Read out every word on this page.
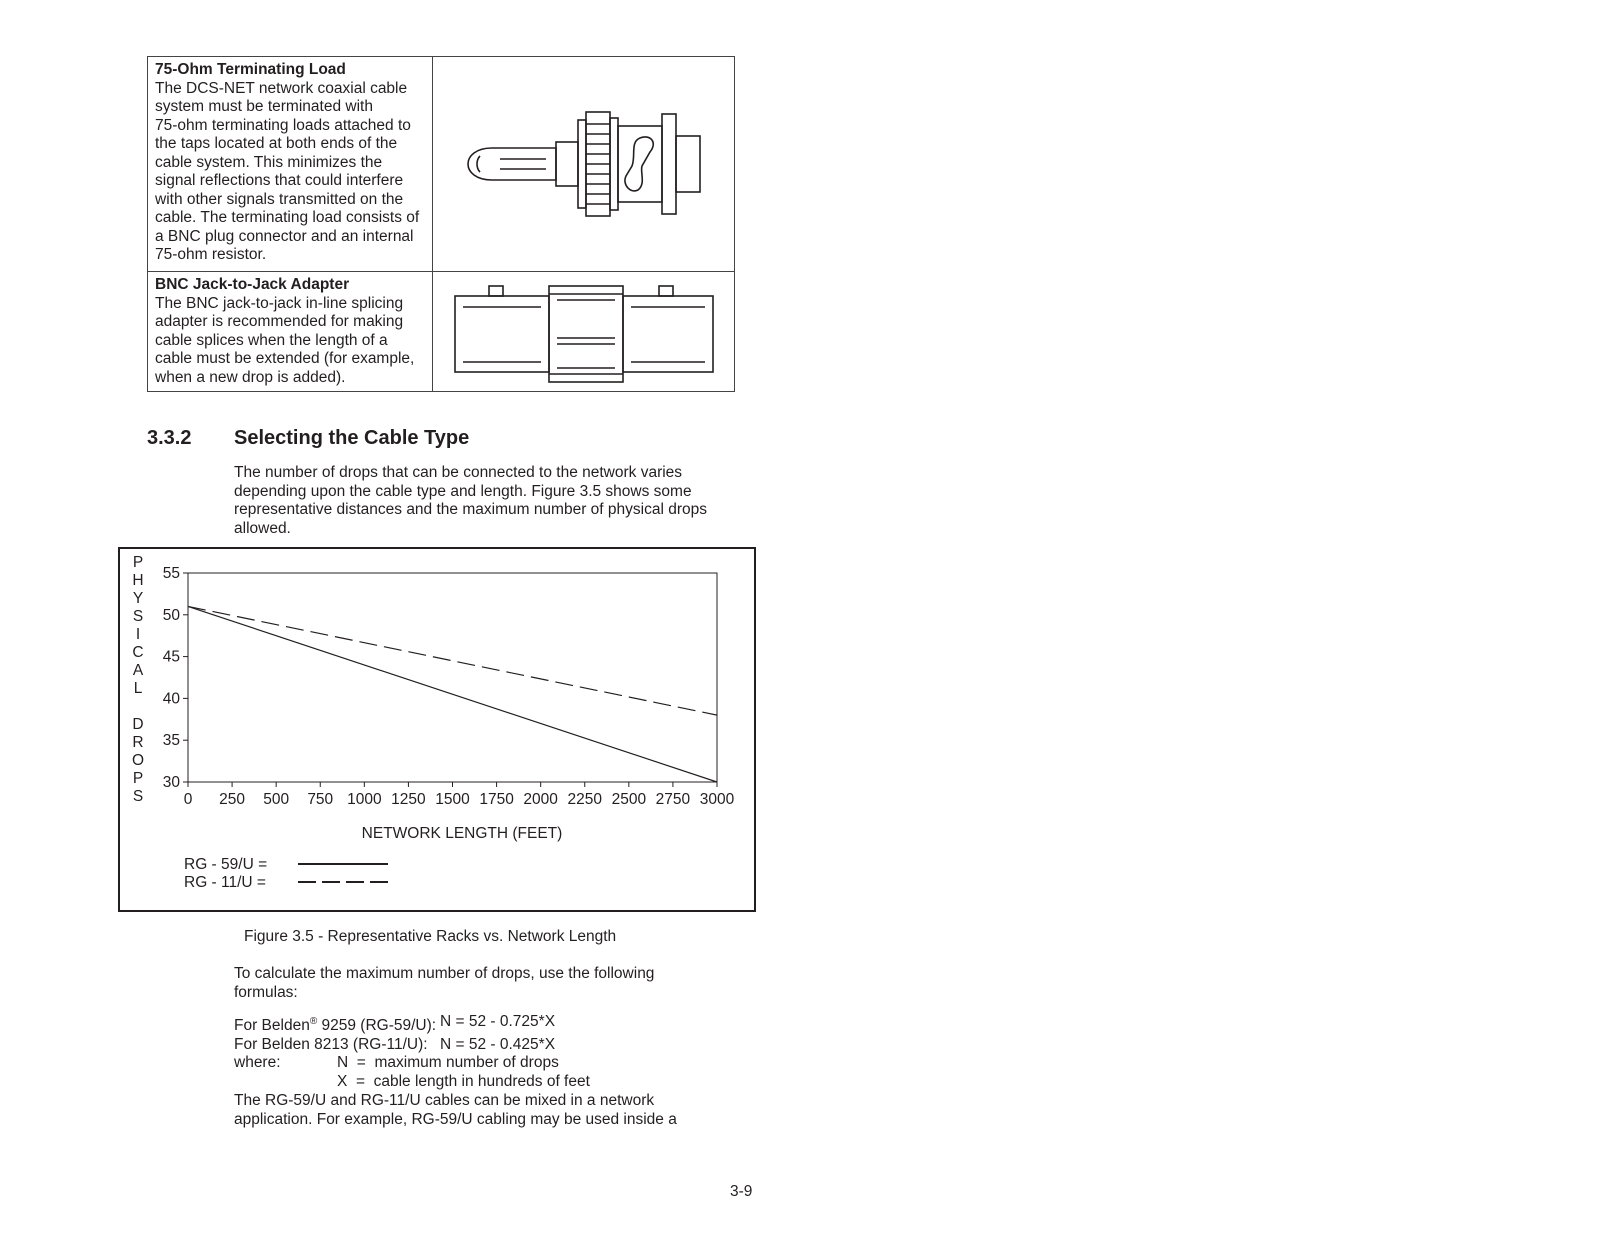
75-Ohm Terminating Load
The DCS-NET network coaxial cable
system must be terminated with
75-ohm terminating loads attached to
the taps located at both ends of the
cable system. This minimizes the
signal reflections that could interfere
with other signals transmitted on the
cable. The terminating load consists of
a BNC plug connector and an internal
75-ohm resistor.
BNC Jack-to-Jack Adapter
The BNC jack-to-jack in-line splicing
adapter is recommended for making
cable splices when the length of a
cable must be extended (for example,
when a new drop is added).
3.3.2 Selecting the Cable Type
The number of drops that can be connected to the network varies
depending upon the cable type and length. Figure 3.5 shows some
representative distances and the maximum number of physical drops
allowed.
P
H
Y
S
I
C
A
L
D
R
O
P
S
30
35
40
45
50
55
0 250 500 750 1000 1250 1500 1750 2000 2250 2500 2750 3000
NETWORK LENGTH (FEET)
RG - 59/U =
RG - 11/U =
Figure 3.5 - Representative Racks vs. Network Length
To calculate the maximum number of drops, use the following
formulas:
For Belden® 9259 (RG-59/U): N = 52 - 0.725*X
For Belden 8213 (RG-11/U): N = 52 - 0.425*X
where:	N  =  maximum number of drops
X  =  cable length in hundreds of feet
The RG-59/U and RG-11/U cables can be mixed in a network
application. For example, RG-59/U cabling may be used inside a
3-9
